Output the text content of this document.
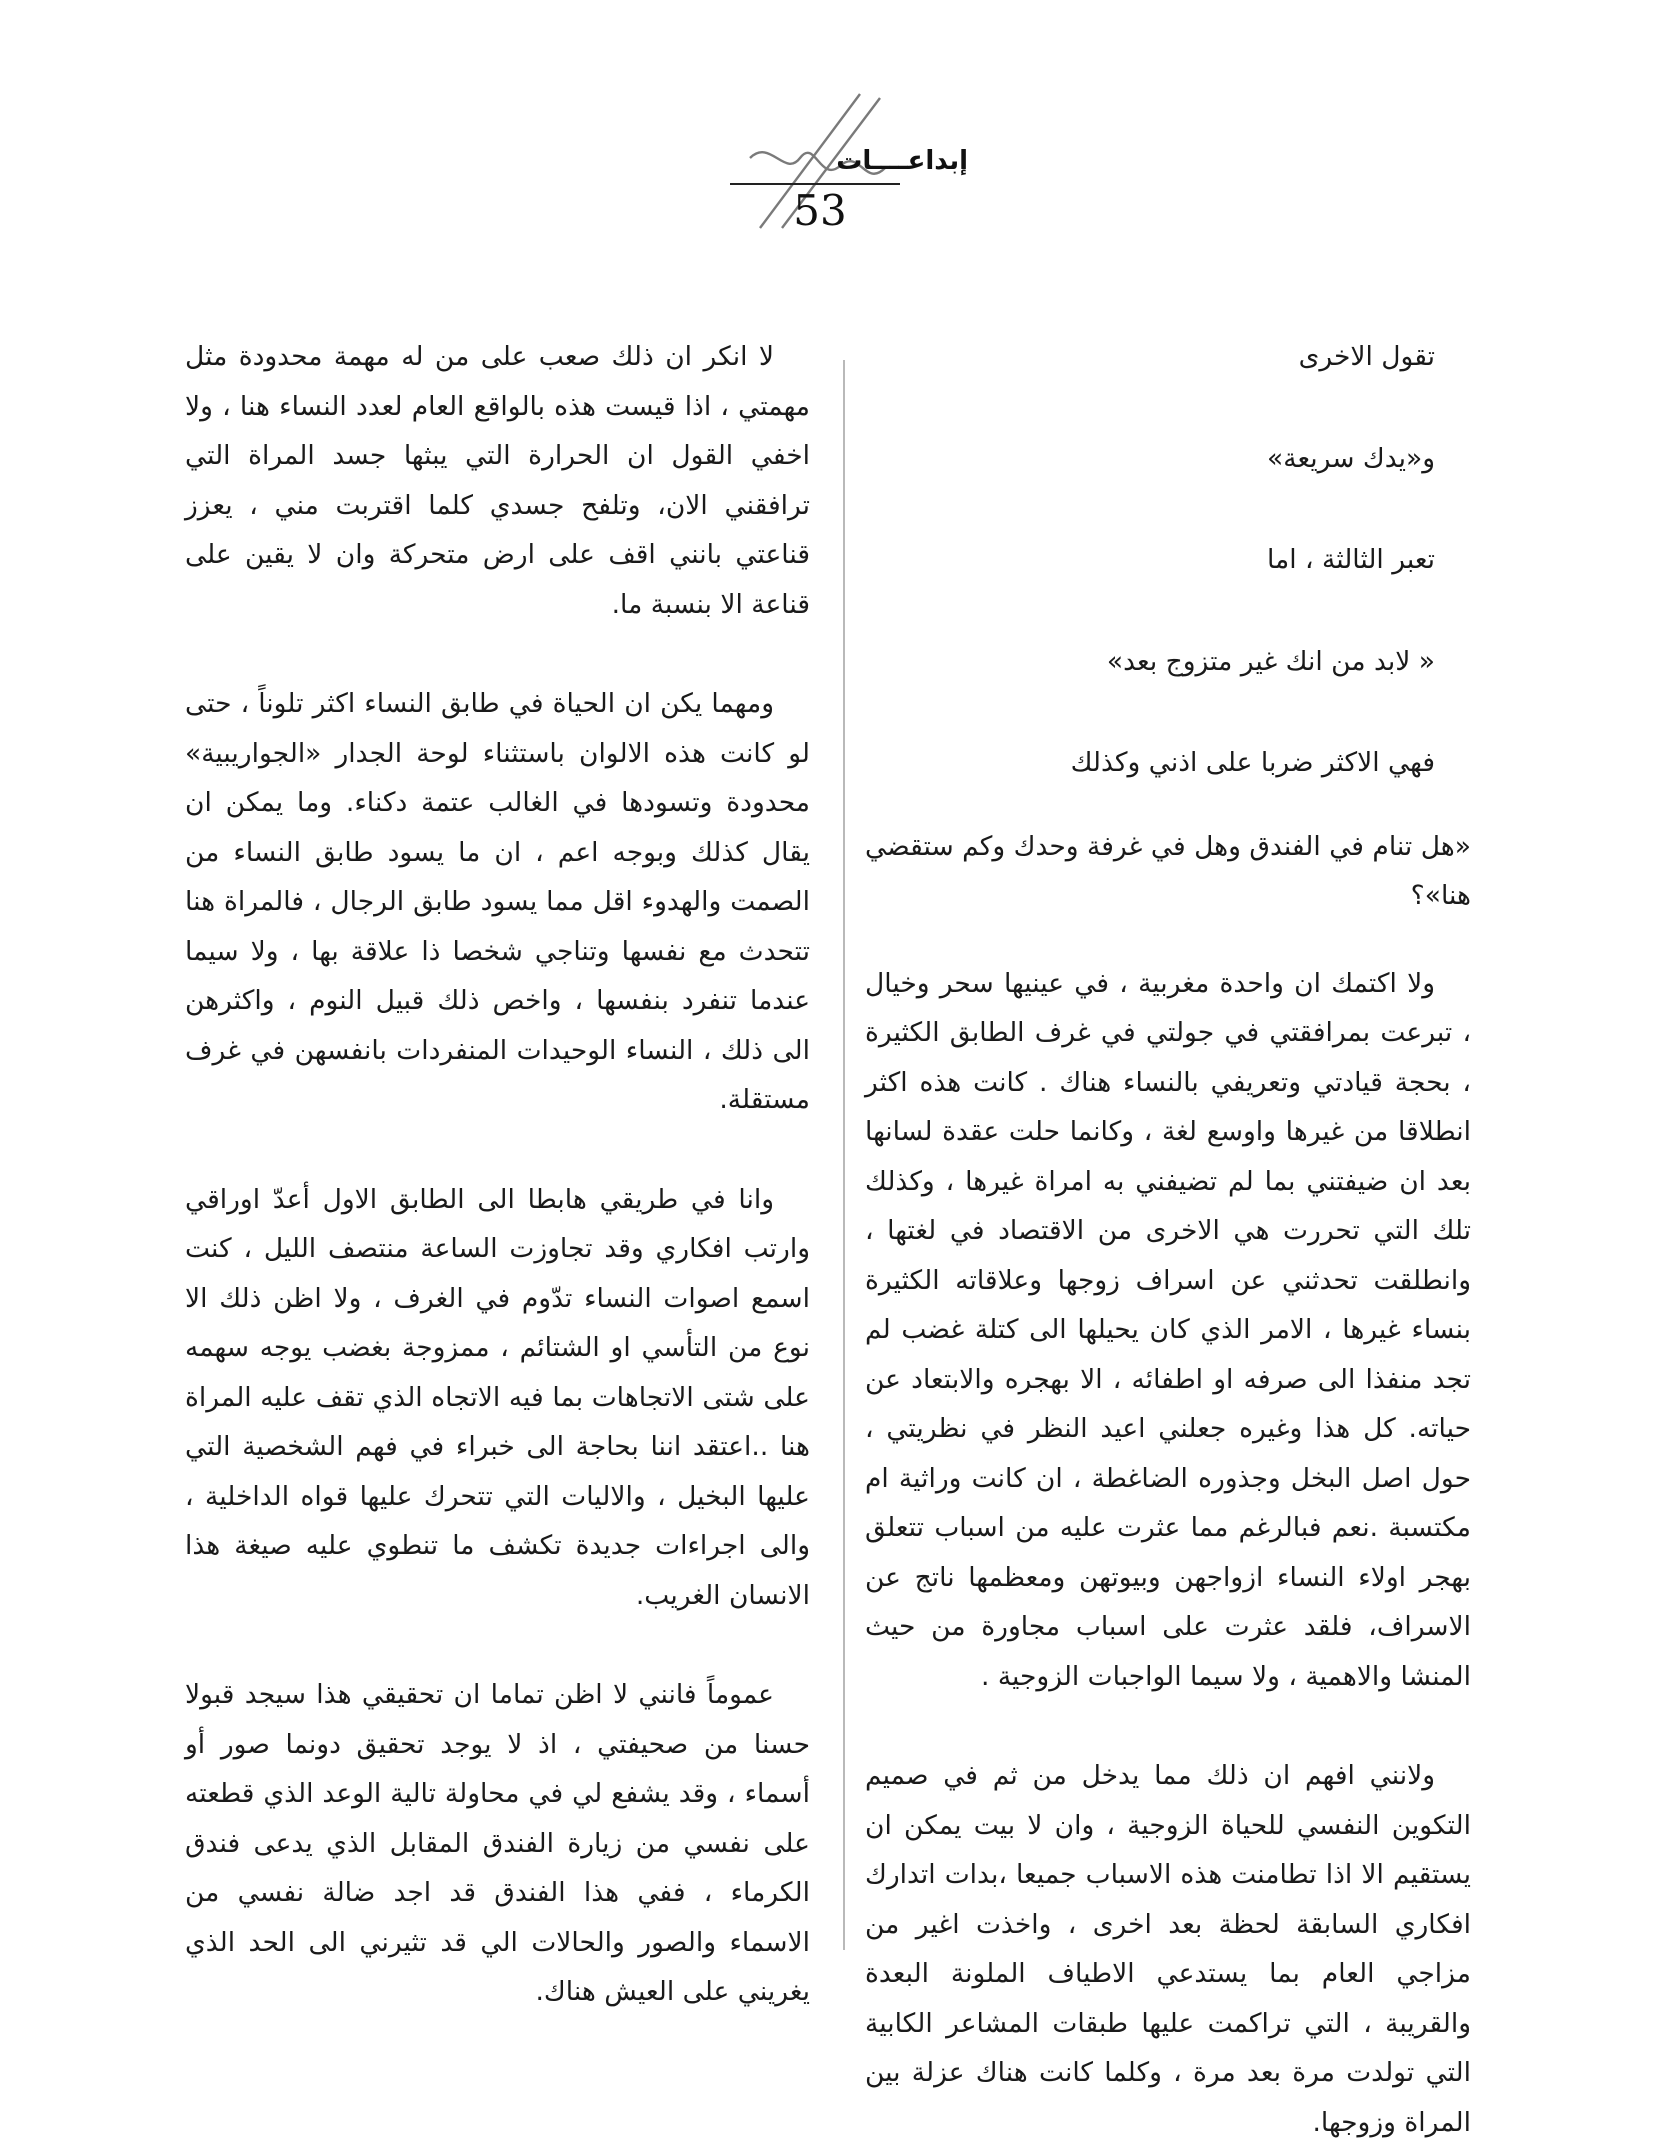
إبداعــــات
53

تقول الاخرى

و«يدك سريعة»

تعبر الثالثة ، اما

« لابد من انك غير متزوج بعد»

فهي الاكثر ضربا على اذني وكذلك

«هل تنام في الفندق وهل في غرفة وحدك وكم ستقضي هنا»؟

ولا اكتمك ان واحدة مغربية ، في عينيها سحر وخيال ، تبرعت بمرافقتي في جولتي في غرف الطابق الكثيرة ، بحجة قيادتي وتعريفي بالنساء هناك . كانت هذه اكثر انطلاقا من غيرها واوسع لغة ، وكانما حلت عقدة لسانها بعد ان ضيفتني بما لم تضيفني به امراة غيرها ، وكذلك تلك التي تحررت هي الاخرى من الاقتصاد في لغتها ، وانطلقت تحدثني عن اسراف زوجها وعلاقاته الكثيرة بنساء غيرها ، الامر الذي كان يحيلها الى كتلة غضب لم تجد منفذا الى صرفه او اطفائه ، الا بهجره والابتعاد عن حياته. كل هذا وغيره جعلني اعيد النظر في نظريتي ، حول اصل البخل وجذوره الضاغطة ، ان كانت وراثية ام مكتسبة .نعم فبالرغم مما عثرت عليه من اسباب تتعلق بهجر اولاء النساء ازواجهن وبيوتهن ومعظمها ناتج عن الاسراف، فلقد عثرت على اسباب مجاورة من حيث المنشا والاهمية ، ولا سيما الواجبات الزوجية .

ولانني افهم ان ذلك مما يدخل من ثم في صميم التكوين النفسي للحياة الزوجية ، وان لا بيت يمكن ان يستقيم الا اذا تطامنت هذه الاسباب جميعا ،بدات اتدارك افكاري السابقة لحظة بعد اخرى ، واخذت اغير من مزاجي العام بما يستدعي الاطياف الملونة البعدة والقريبة ، التي تراكمت عليها طبقات المشاعر الكابية التي تولدت مرة بعد مرة ، وكلما كانت هناك عزلة بين المراة وزوجها.

لا انكر ان ذلك صعب على من له مهمة محدودة مثل مهمتي ، اذا قيست هذه بالواقع العام لعدد النساء هنا ، ولا اخفي القول ان الحرارة التي يبثها جسد المراة التي ترافقني الان، وتلفح جسدي كلما اقتربت مني ، يعزز قناعتي بانني اقف على ارض متحركة وان لا يقين على قناعة الا بنسبة ما.

ومهما يكن ان الحياة في طابق النساء اكثر تلوناً ، حتى لو كانت هذه الالوان باستثناء لوحة الجدار «الجواريبية» محدودة وتسودها في الغالب عتمة دكناء. وما يمكن ان يقال كذلك وبوجه اعم ، ان ما يسود طابق النساء من الصمت والهدوء اقل مما يسود طابق الرجال ، فالمراة هنا تتحدث مع نفسها وتناجي شخصا ذا علاقة بها ، ولا سيما عندما تنفرد بنفسها ، واخص ذلك قبيل النوم ، واكثرهن الى ذلك ، النساء الوحيدات المنفردات بانفسهن في غرف مستقلة.

وانا في طريقي هابطا الى الطابق الاول أعدّ اوراقي وارتب افكاري وقد تجاوزت الساعة منتصف الليل ، كنت اسمع اصوات النساء تدّوم في الغرف ، ولا اظن ذلك الا نوع من التأسي او الشتائم ، ممزوجة بغضب يوجه سهمه على شتى الاتجاهات بما فيه الاتجاه الذي تقف عليه المراة هنا ..اعتقد اننا بحاجة الى خبراء في فهم الشخصية التي عليها البخيل ، والاليات التي تتحرك عليها قواه الداخلية ، والى اجراءات جديدة تكشف ما تنطوي عليه صيغة هذا الانسان الغريب.

عموماً فانني لا اظن تماما ان تحقيقي هذا سيجد قبولا حسنا من صحيفتي ، اذ لا يوجد تحقيق دونما صور أو أسماء ، وقد يشفع لي في محاولة تالية الوعد الذي قطعته على نفسي من زيارة الفندق المقابل الذي يدعى فندق الكرماء ، ففي هذا الفندق قد اجد ضالة نفسي من الاسماء والصور والحالات الي قد تثيرني الى الحد الذي يغريني على العيش هناك.
